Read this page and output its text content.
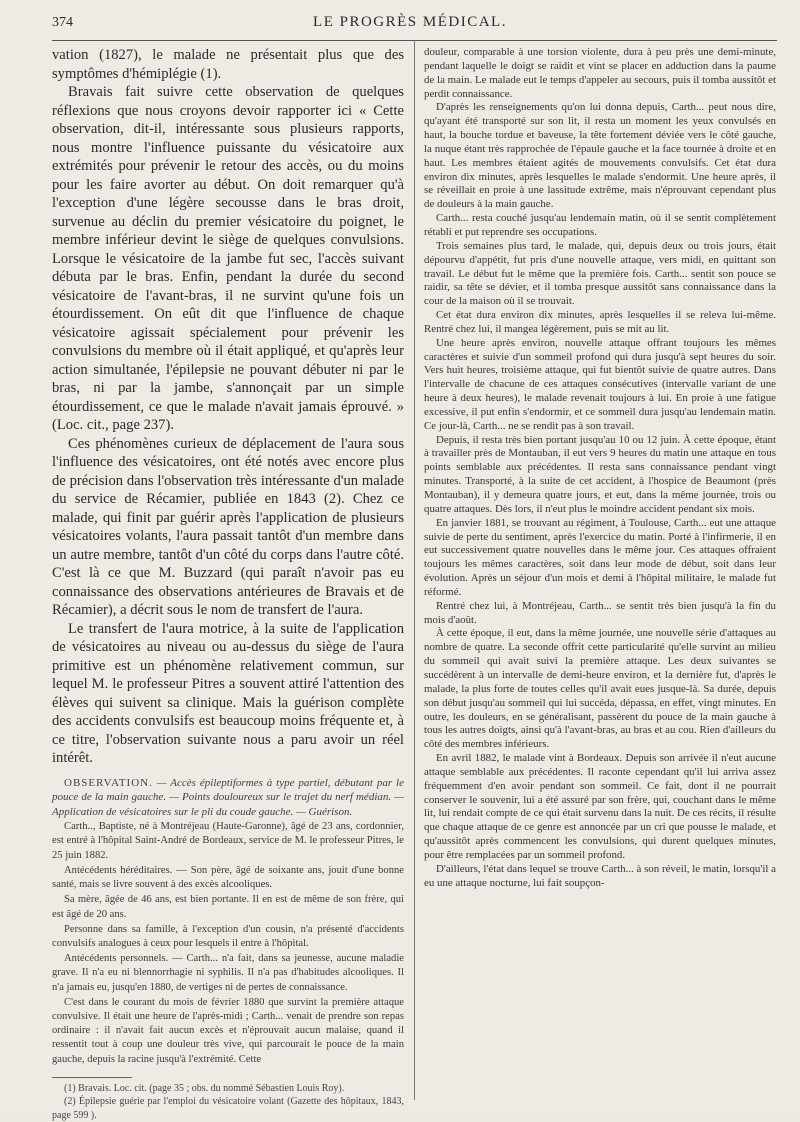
374	LE PROGRÈS MÉDICAL.

vation (1827), le malade ne présentait plus que des symptômes d'hémiplégie (1).

Bravais fait suivre cette observation de quelques réflexions que nous croyons devoir rapporter ici « Cette observation, dit-il, intéressante sous plusieurs rapports, nous montre l'influence puissante du vésicatoire aux extrémités pour prévenir le retour des accès, ou du moins pour les faire avorter au début. On doit remarquer qu'à l'exception d'une légère secousse dans le bras droit, survenue au déclin du premier vésicatoire du poignet, le membre inférieur devint le siège de quelques convulsions. Lorsque le vésicatoire de la jambe fut sec, l'accès suivant débuta par le bras. Enfin, pendant la durée du second vésicatoire de l'avant-bras, il ne survint qu'une fois un étourdissement. On eût dit que l'influence de chaque vésicatoire agissait spécialement pour prévenir les convulsions du membre où il était appliqué, et qu'après leur action simultanée, l'épilepsie ne pouvant débuter ni par le bras, ni par la jambe, s'annonçait par un simple étourdissement, ce que le malade n'avait jamais éprouvé. » (Loc. cit., page 237).

Ces phénomènes curieux de déplacement de l'aura sous l'influence des vésicatoires, ont été notés avec encore plus de précision dans l'observation très intéressante d'un malade du service de Récamier, publiée en 1843 (2). Chez ce malade, qui finit par guérir après l'application de plusieurs vésicatoires volants, l'aura passait tantôt d'un membre dans un autre membre, tantôt d'un côté du corps dans l'autre côté. C'est là ce que M. Buzzard (qui paraît n'avoir pas eu connaissance des observations antérieures de Bravais et de Récamier), a décrit sous le nom de transfert de l'aura.

Le transfert de l'aura motrice, à la suite de l'application de vésicatoires au niveau ou au-dessus du siège de l'aura primitive est un phénomène relativement commun, sur lequel M. le professeur Pitres a souvent attiré l'attention des élèves qui suivent sa clinique. Mais la guérison complète des accidents convulsifs est beaucoup moins fréquente et, à ce titre, l'observation suivante nous a paru avoir un réel intérêt.

OBSERVATION. — Accès épileptiformes à type partiel, débutant par le pouce de la main gauche. — Points douloureux sur le trajet du nerf médian. — Application de vésicatoires sur le pli du coude gauche. — Guérison.

Carth.., Baptiste, né à Montréjeau (Haute-Garonne), âgé de 23 ans, cordonnier, est entré à l'hôpital Saint-André de Bordeaux, service de M. le professeur Pitres, le 25 juin 1882.

Antécédents héréditaires. — Son père, âgé de soixante ans, jouit d'une bonne santé, mais se livre souvent à des excès alcooliques.

Sa mère, âgée de 46 ans, est bien portante. Il en est de même de son frère, qui est âgé de 20 ans.

Personne dans sa famille, à l'exception d'un cousin, n'a présenté d'accidents convulsifs analogues à ceux pour lesquels il entre à l'hôpital.

Antécédents personnels. — Carth... n'a fait, dans sa jeunesse, aucune maladie grave. Il n'a eu ni blennorrhagie ni syphilis. Il n'a pas d'habitudes alcooliques. Il n'a jamais eu, jusqu'en 1880, de vertiges ni de pertes de connaissance.

C'est dans le courant du mois de février 1880 que survint la première attaque convulsive. Il était une heure de l'après-midi ; Carth... venait de prendre son repas ordinaire : il n'avait fait aucun excès et n'éprouvait aucun malaise, quand il ressentit tout à coup une douleur très vive, qui parcourait le pouce de la main gauche, depuis la racine jusqu'à l'extrémité. Cette

(1) Bravais. Loc. cit. (page 35 ; obs. du nommé Sébastien Louis Roy).

(2) Épilepsie guérie par l'emploi du vésicatoire volant (Gazette des hôpitaux, 1843, page 599 ).

douleur, comparable à une torsion violente, dura à peu près une demi-minute, pendant laquelle le doigt se raidit et vint se placer en adduction dans la paume de la main. Le malade eut le temps d'appeler au secours, puis il tomba aussitôt et perdit connaissance.

D'après les renseignements qu'on lui donna depuis, Carth... peut nous dire, qu'ayant été transporté sur son lit, il resta un moment les yeux convulsés en haut, la bouche tordue et baveuse, la tête fortement déviée vers le côté gauche, la nuque étant très rapprochée de l'épaule gauche et la face tournée à droite et en haut. Les membres étaient agités de mouvements convulsifs. Cet état dura environ dix minutes, après lesquelles le malade s'endormit. Une heure après, il se réveillait en proie à une lassitude extrême, mais n'éprouvant cependant plus de douleurs à la main gauche.

Carth... resta couché jusqu'au lendemain matin, où il se sentit complètement rétabli et put reprendre ses occupations.

Trois semaines plus tard, le malade, qui, depuis deux ou trois jours, était dépourvu d'appétit, fut pris d'une nouvelle attaque, vers midi, en quittant son travail. Le début fut le même que la première fois. Carth... sentit son pouce se raidir, sa tête se dévier, et il tomba presque aussitôt sans connaissance dans la cour de la maison où il se trouvait.

Cet état dura environ dix minutes, après lesquelles il se releva lui-même. Rentré chez lui, il mangea légèrement, puis se mit au lit.

Une heure après environ, nouvelle attaque offrant toujours les mêmes caractères et suivie d'un sommeil profond qui dura jusqu'à sept heures du soir. Vers huit heures, troisième attaque, qui fut bientôt suivie de quatre autres. Dans l'intervalle de chacune de ces attaques consécutives (intervalle variant de une heure à deux heures), le malade revenait toujours à lui. En proie à une fatigue excessive, il put enfin s'endormir, et ce sommeil dura jusqu'au lendemain matin. Ce jour-là, Carth... ne se rendit pas à son travail.

Depuis, il resta très bien portant jusqu'au 10 ou 12 juin. À cette époque, étant à travailler près de Montauban, il eut vers 9 heures du matin une attaque en tous points semblable aux précédentes. Il resta sans connaissance pendant vingt minutes. Transporté, à la suite de cet accident, à l'hospice de Beaumont (près Montauban), il y demeura quatre jours, et eut, dans la même journée, trois ou quatre attaques. Dès lors, il n'eut plus le moindre accident pendant six mois.

En janvier 1881, se trouvant au régiment, à Toulouse, Carth... eut une attaque suivie de perte du sentiment, après l'exercice du matin. Porté à l'infirmerie, il en eut successivement quatre nouvelles dans le même jour. Ces attaques offraient toujours les mêmes caractères, soit dans leur mode de début, soit dans leur évolution. Après un séjour d'un mois et demi à l'hôpital militaire, le malade fut réformé.

Rentré chez lui, à Montréjeau, Carth... se sentit très bien jusqu'à la fin du mois d'août.

À cette époque, il eut, dans la même journée, une nouvelle série d'attaques au nombre de quatre. La seconde offrit cette particularité qu'elle survint au milieu du sommeil qui avait suivi la première attaque. Les deux suivantes se succédèrent à un intervalle de demi-heure environ, et la dernière fut, d'après le malade, la plus forte de toutes celles qu'il avait eues jusque-là. Sa durée, depuis son début jusqu'au sommeil qui lui succéda, dépassa, en effet, vingt minutes. En outre, les douleurs, en se généralisant, passèrent du pouce de la main gauche à tous les autres doigts, ainsi qu'à l'avant-bras, au bras et au cou. Rien d'ailleurs du côté des membres inférieurs.

En avril 1882, le malade vint à Bordeaux. Depuis son arrivée il n'eut aucune attaque semblable aux précédentes. Il raconte cependant qu'il lui arriva assez fréquemment d'en avoir pendant son sommeil. Ce fait, dont il ne pourrait conserver le souvenir, lui a été assuré par son frère, qui, couchant dans le même lit, lui rendait compte de ce qui était survenu dans la nuit. De ces récits, il résulte que chaque attaque de ce genre est annoncée par un cri que pousse le malade, et qu'aussitôt après commencent les convulsions, qui durent quelques minutes, pour être remplacées par un sommeil profond.

D'ailleurs, l'état dans lequel se trouve Carth... à son réveil, le matin, lorsqu'il a eu une attaque nocturne, lui fait soupçon-
